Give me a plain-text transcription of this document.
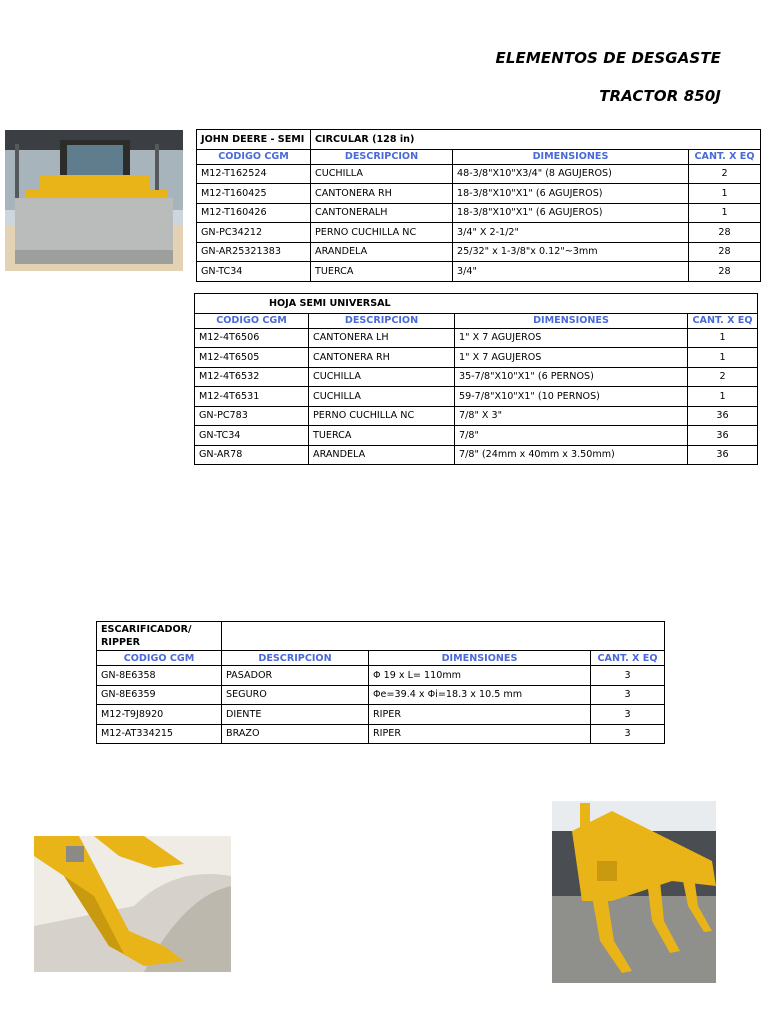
ELEMENTOS DE DESGASTE
TRACTOR 850J
JOHN DEERE - SEMI	CIRCULAR (128 in)		
CODIGO CGM	DESCRIPCION	DIMENSIONES	CANT. X EQ
M12-T162524	CUCHILLA	48-3/8"X10"X3/4" (8 AGUJEROS)	2
M12-T160425	CANTONERA RH	18-3/8"X10"X1" (6 AGUJEROS)	1
M12-T160426	CANTONERALH	18-3/8"X10"X1" (6 AGUJEROS)	1
GN-PC34212	PERNO CUCHILLA NC	3/4" X 2-1/2"	28
GN-AR25321383	ARANDELA	25/32" x 1-3/8"x 0.12"~3mm	28
GN-TC34	TUERCA	3/4"	28
HOJA SEMI UNIVERSAL			
CODIGO CGM	DESCRIPCION	DIMENSIONES	CANT. X EQ
M12-4T6506	CANTONERA LH	1" X 7 AGUJEROS	1
M12-4T6505	CANTONERA RH	1" X 7 AGUJEROS	1
M12-4T6532	CUCHILLA	35-7/8"X10"X1" (6 PERNOS)	2
M12-4T6531	CUCHILLA	59-7/8"X10"X1" (10 PERNOS)	1
GN-PC783	PERNO CUCHILLA NC	7/8" X 3"	36
GN-TC34	TUERCA	7/8"	36
GN-AR78	ARANDELA	7/8" (24mm x 40mm x 3.50mm)	36
ESCARIFICADOR/ RIPPER			
CODIGO CGM	DESCRIPCION	DIMENSIONES	CANT. X EQ
GN-8E6358	PASADOR	Φ 19 x L= 110mm	3
GN-8E6359	SEGURO	Φe=39.4 x Φi=18.3 x 10.5 mm	3
M12-T9J8920	DIENTE	RIPER	3
M12-AT334215	BRAZO	RIPER	3
